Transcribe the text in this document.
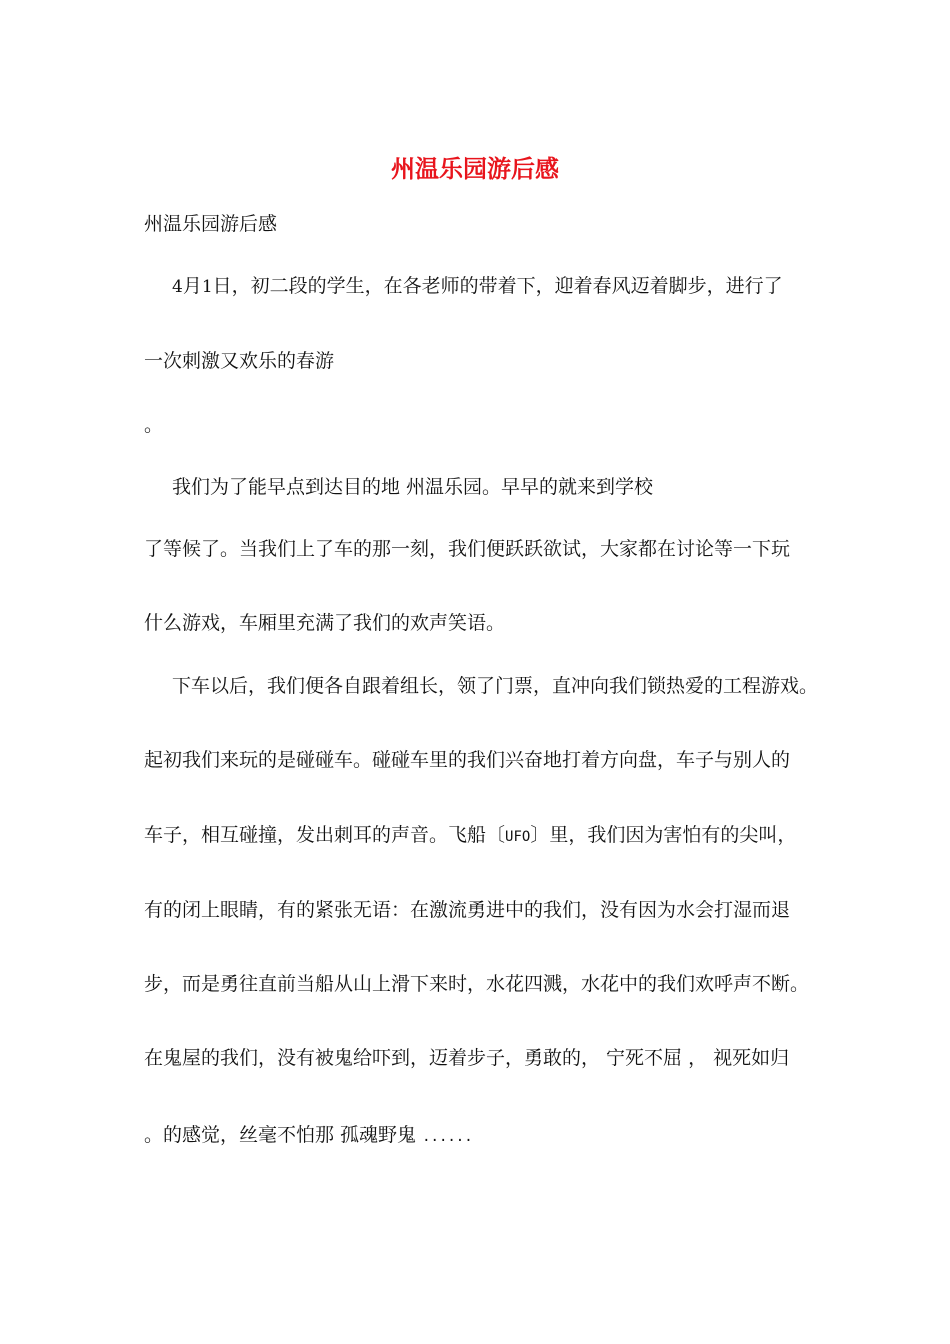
州温乐园游后感
州温乐园游后感
4月1日，初二段的学生，在各老师的带着下，迎着春风迈着脚步，进行了
一次刺激又欢乐的春游
。
我们为了能早点到达目的地 州温乐园。早早的就来到学校
了等候了。当我们上了车的那一刻，我们便跃跃欲试，大家都在讨论等一下玩
什么游戏，车厢里充满了我们的欢声笑语。
下车以后，我们便各自跟着组长，领了门票，直冲向我们锁热爱的工程游戏。
起初我们来玩的是碰碰车。碰碰车里的我们兴奋地打着方向盘，车子与别人的
车子，相互碰撞，发出刺耳的声音。飞船〔UFO〕里，我们因为害怕有的尖叫，
有的闭上眼睛，有的紧张无语：在激流勇进中的我们，没有因为水会打湿而退
步，而是勇往直前当船从山上滑下来时，水花四溅，水花中的我们欢呼声不断。
在鬼屋的我们，没有被鬼给吓到，迈着步子，勇敢的， 宁死不屈 ， 视死如归
。的感觉，丝毫不怕那 孤魂野鬼 ......
